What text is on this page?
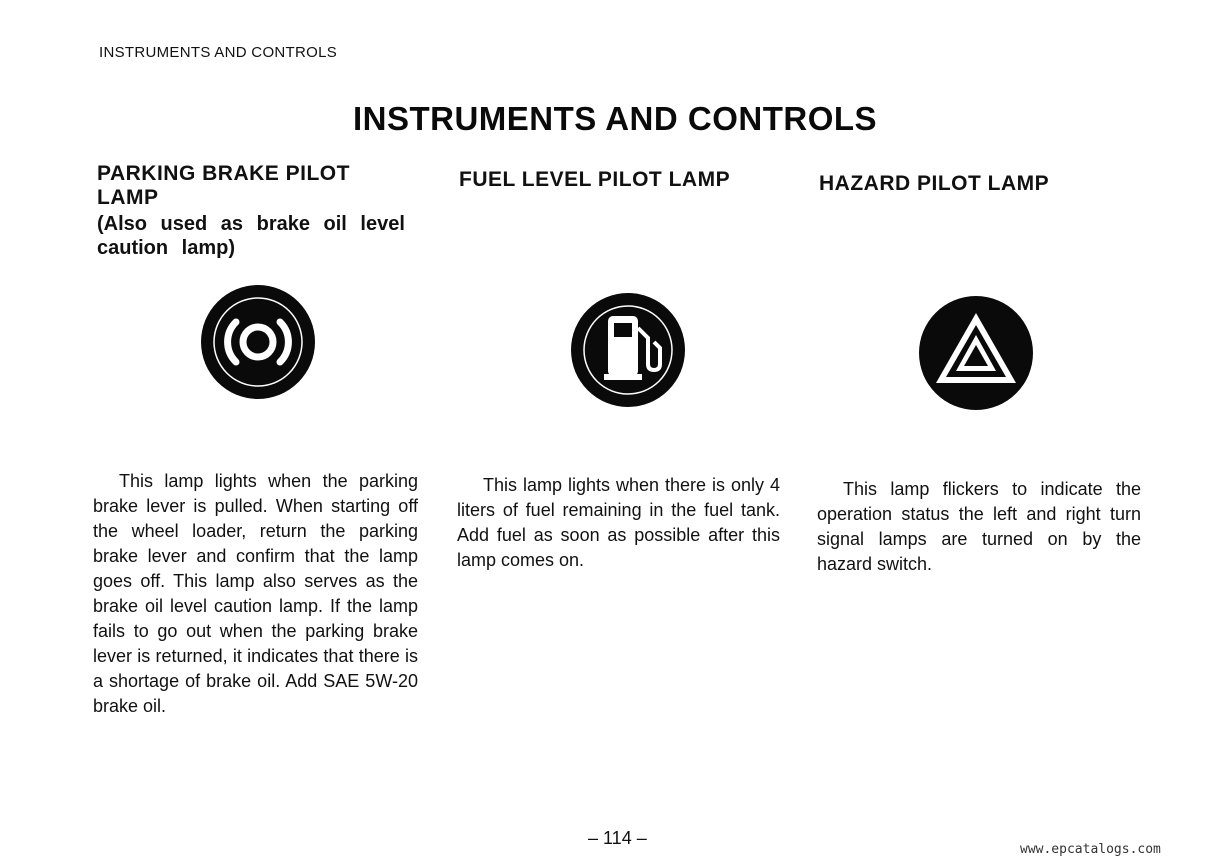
INSTRUMENTS AND CONTROLS
INSTRUMENTS AND CONTROLS
PARKING BRAKE PILOT
LAMP
(Also used as brake oil level
caution lamp)
FUEL LEVEL PILOT LAMP	HAZARD PILOT LAMP

This lamp lights when the parking brake lever is pulled. When starting off the wheel loader, return the parking brake lever and confirm that the lamp goes off. This lamp also serves as the brake oil level caution lamp. If the lamp fails to go out when the parking brake lever is returned, it indicates that there is a shortage of brake oil. Add SAE 5W-20 brake oil.

This lamp lights when there is only 4 liters of fuel remaining in the fuel tank. Add fuel as soon as possible after this lamp comes on.

This lamp flickers to indicate the operation status the left and right turn signal lamps are turned on by the hazard switch.

– 114 –
www.epcatalogs.com
